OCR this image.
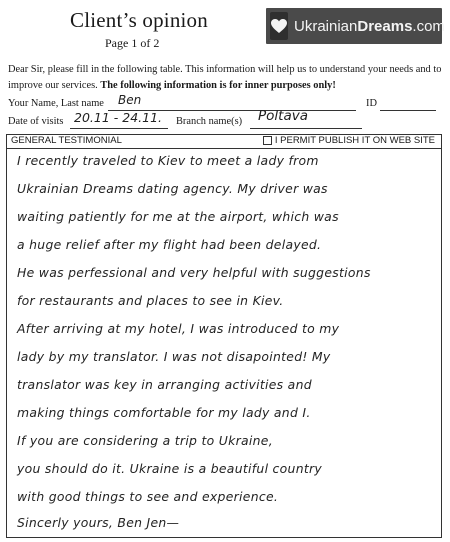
Client’s opinion
Page 1 of 2
UkrainianDreams.com
Dear Sir, please fill in the following table. This information will help us to understand your needs and to improve our services. The following information is for inner purposes only!
Your Name, Last name Ben	ID
Date of visits 20.11 - 24.11. Branch name(s) Poltava
GENERAL TESTIMONIAL	I PERMIT PUBLISH IT ON WEB SITE
I recently traveled to Kiev to meet a lady from
Ukrainian Dreams dating agency. My driver was
waiting patiently for me at the airport, which was
a huge relief after my flight had been delayed.
He was perfessional and very helpful with suggestions
for restaurants and places to see in Kiev.
After arriving at my hotel, I was introduced to my
lady by my translator. I was not disapointed! My
translator was key in arranging activities and
making things comfortable for my lady and I.
If you are considering a trip to Ukraine,
you should do it. Ukraine is a beautiful country
with good things to see and experience.
Sincerly yours, Ben Jen—
